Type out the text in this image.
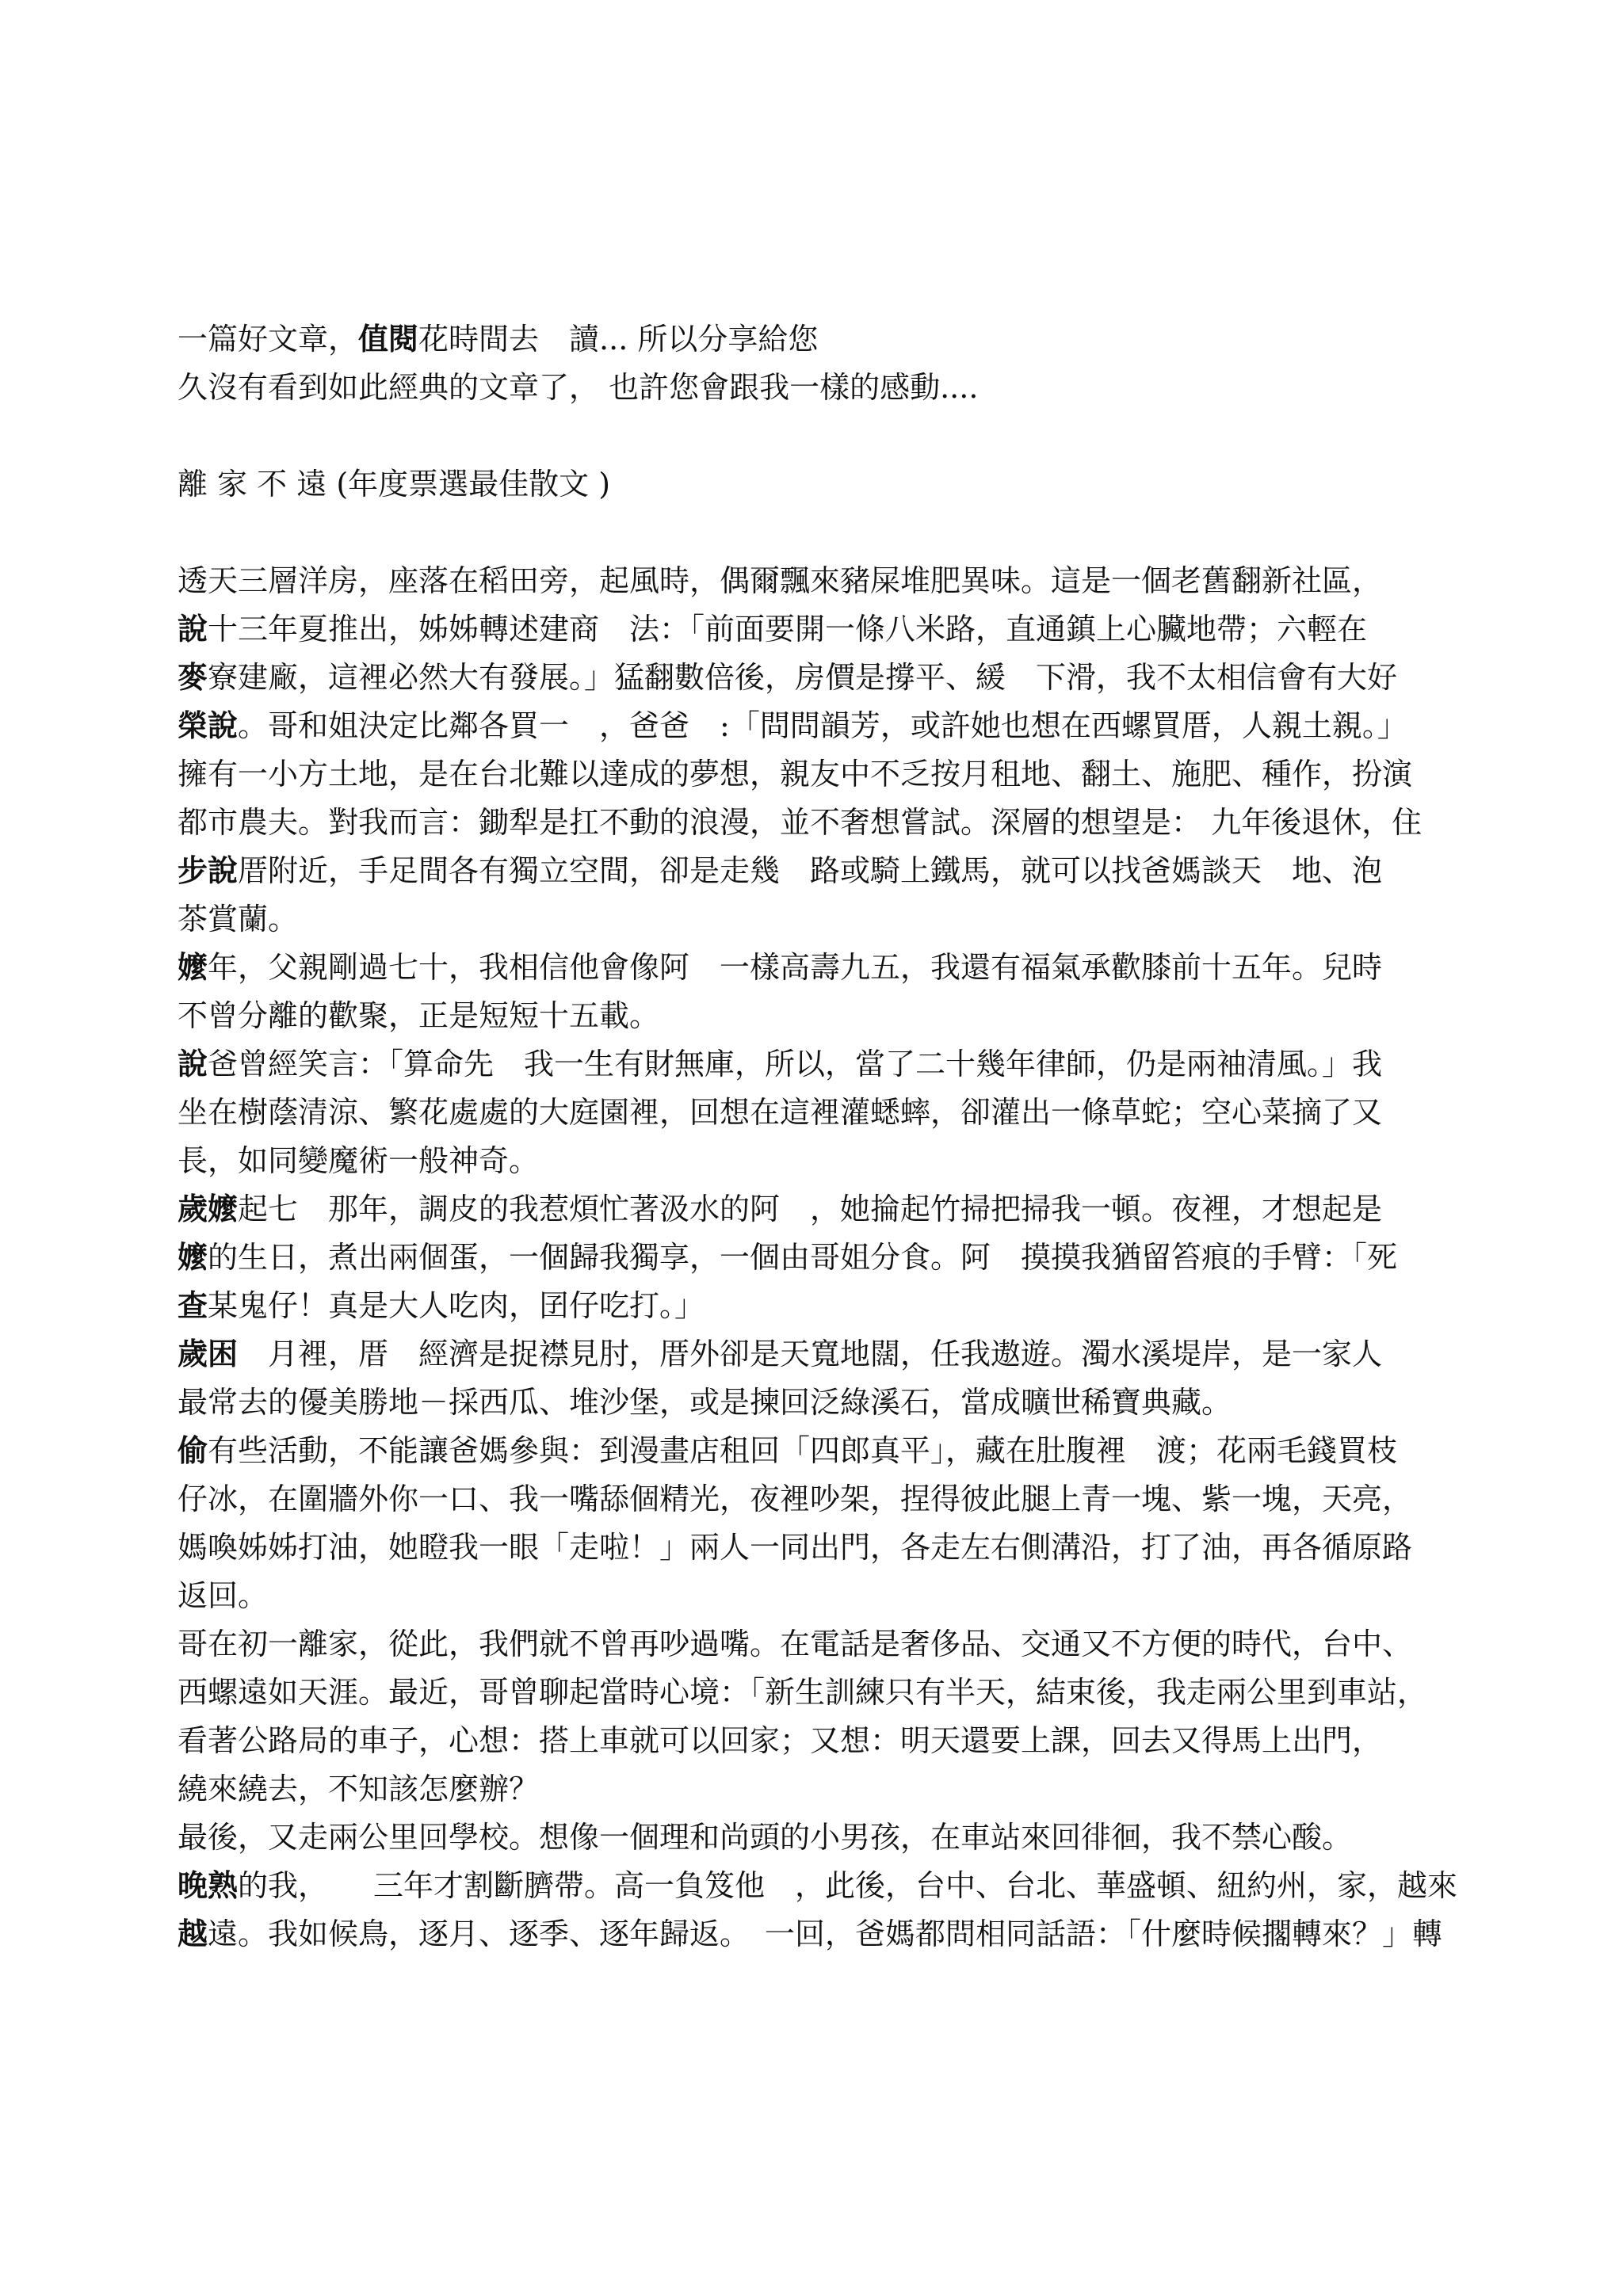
一篇好文章，值閱花時間去　讀... 所以分享給您
久沒有看到如此經典的文章了， 也許您會跟我一樣的感動....
離 家 不 遠 (年度票選最佳散文 )
透天三層洋房，座落在稻田旁，起風時，偶爾飄來豬屎堆肥異味。這是一個老舊翻新社區，
說十三年夏推出，姊姊轉述建商　法：「前面要開一條八米路，直通鎮上心臟地帶；六輕在
麥寮建廠，這裡必然大有發展。」猛翻數倍後，房價是撐平、緩　下滑，我不太相信會有大好
榮說。哥和姐決定比鄰各買一　，爸爸　:「問問韻芳，或許她也想在西螺買厝，人親土親。」
擁有一小方土地，是在台北難以達成的夢想，親友中不乏按月租地、翻土、施肥、種作，扮演
都市農夫。對我而言：鋤犁是扛不動的浪漫，並不奢想嘗試。深層的想望是： 九年後退休，住
步說厝附近，手足間各有獨立空間，卻是走幾　路或騎上鐵馬，就可以找爸媽談天　地、泡
茶賞蘭。
嬤年，父親剛過七十，我相信他會像阿　一樣高壽九五，我還有福氣承歡膝前十五年。兒時
不曾分離的歡聚，正是短短十五載。
說爸曾經笑言：「算命先　我一生有財無庫，所以，當了二十幾年律師，仍是兩袖清風。」我
坐在樹蔭清涼、繁花處處的大庭園裡，回想在這裡灌蟋蟀，卻灌出一條草蛇；空心菜摘了又
長，如同變魔術一般神奇。
歲嬤起七　那年，調皮的我惹煩忙著汲水的阿　，她掄起竹掃把掃我一頓。夜裡，才想起是
嬤的生日，煮出兩個蛋，一個歸我獨享，一個由哥姐分食。阿　摸摸我猶留笞痕的手臂：「死
查某鬼仔！真是大人吃肉，囝仔吃打。」
歲困　月裡，厝　經濟是捉襟見肘，厝外卻是天寬地闊，任我遨遊。濁水溪堤岸，是一家人
最常去的優美勝地－採西瓜、堆沙堡，或是揀回泛綠溪石，當成曠世稀寶典藏。
偷有些活動，不能讓爸媽參與：到漫畫店租回「四郎真平」，藏在肚腹裡　渡；花兩毛錢買枝
仔冰，在圍牆外你一口、我一嘴舔個精光，夜裡吵架，捏得彼此腿上青一塊、紫一塊，天亮，
媽喚姊姊打油，她瞪我一眼「走啦！」兩人一同出門，各走左右側溝沿，打了油，再各循原路
返回。
哥在初一離家，從此，我們就不曾再吵過嘴。在電話是奢侈品、交通又不方便的時代，台中、
西螺遠如天涯。最近，哥曾聊起當時心境：「新生訓練只有半天，結束後，我走兩公里到車站，
看著公路局的車子，心想：搭上車就可以回家；又想：明天還要上課，回去又得馬上出門，
繞來繞去，不知該怎麼辦？
最後，又走兩公里回學校。想像一個理和尚頭的小男孩，在車站來回徘徊，我不禁心酸。
晚熟的我，　　三年才割斷臍帶。高一負笈他　，此後，台中、台北、華盛頓、紐約州，家，越來
越遠。我如候鳥，逐月、逐季、逐年歸返。　一回，爸媽都問相同話語：「什麼時候擱轉來？」轉
